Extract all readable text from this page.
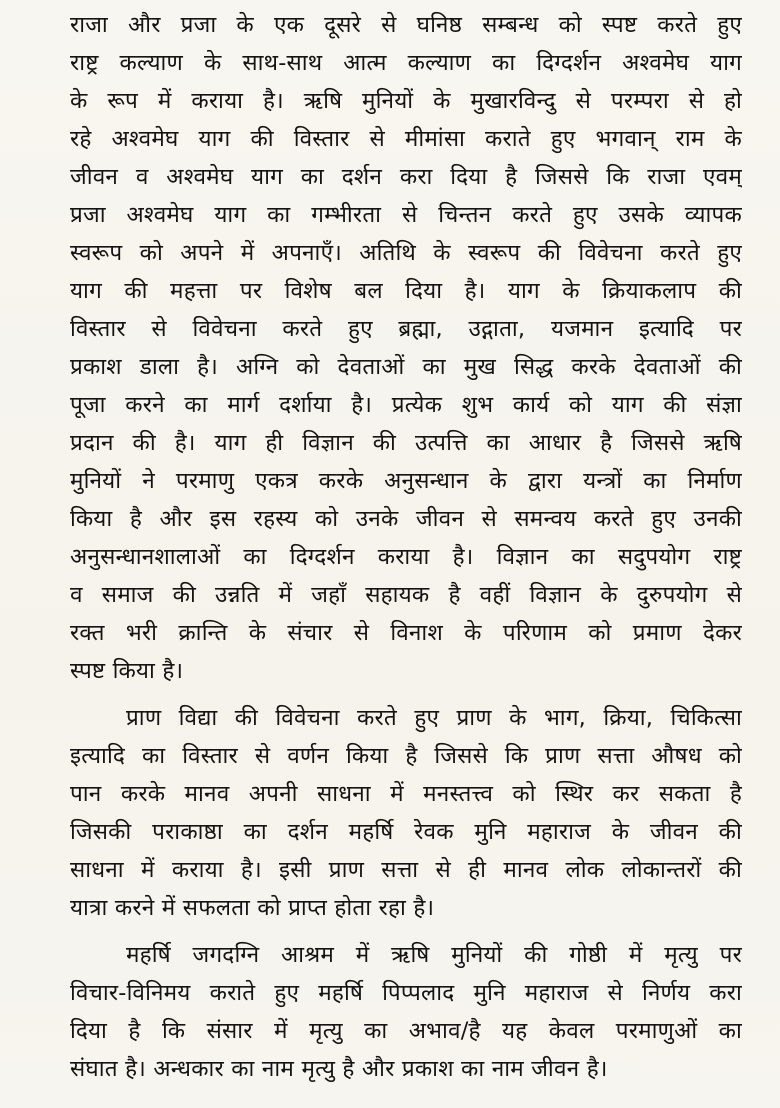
राजा और प्रजा के एक दूसरे से घनिष्ठ सम्बन्ध को स्पष्ट करते हुए
राष्ट्र कल्याण के साथ-साथ आत्म कल्याण का दिग्दर्शन अश्वमेघ याग
के रूप में कराया है। ऋषि मुनियों के मुखारविन्दु से परम्परा से हो
रहे अश्वमेघ याग की विस्तार से मीमांसा कराते हुए भगवान् राम के
जीवन व अश्वमेघ याग का दर्शन करा दिया है जिससे कि राजा एवम्
प्रजा अश्वमेघ याग का गम्भीरता से चिन्तन करते हुए उसके व्यापक
स्वरूप को अपने में अपनाएँ। अतिथि के स्वरूप की विवेचना करते हुए
याग की महत्ता पर विशेष बल दिया है। याग के क्रियाकलाप की
विस्तार से विवेचना करते हुए ब्रह्मा, उद्गाता, यजमान इत्यादि पर
प्रकाश डाला है। अग्नि को देवताओं का मुख सिद्ध करके देवताओं की
पूजा करने का मार्ग दर्शाया है। प्रत्येक शुभ कार्य को याग की संज्ञा
प्रदान की है। याग ही विज्ञान की उत्पत्ति का आधार है जिससे ऋषि
मुनियों ने परमाणु एकत्र करके अनुसन्धान के द्वारा यन्त्रों का निर्माण
किया है और इस रहस्य को उनके जीवन से समन्वय करते हुए उनकी
अनुसन्धानशालाओं का दिग्दर्शन कराया है। विज्ञान का सदुपयोग राष्ट्र
व समाज की उन्नति में जहाँ सहायक है वहीं विज्ञान के दुरुपयोग से
रक्त भरी क्रान्ति के संचार से विनाश के परिणाम को प्रमाण देकर
स्पष्ट किया है।
प्राण विद्या की विवेचना करते हुए प्राण के भाग, क्रिया, चिकित्सा
इत्यादि का विस्तार से वर्णन किया है जिससे कि प्राण सत्ता औषध को
पान करके मानव अपनी साधना में मनस्तत्त्व को स्थिर कर सकता है
जिसकी पराकाष्ठा का दर्शन महर्षि रेवक मुनि महाराज के जीवन की
साधना में कराया है। इसी प्राण सत्ता से ही मानव लोक लोकान्तरों की
यात्रा करने में सफलता को प्राप्त होता रहा है।
महर्षि जगदग्नि आश्रम में ऋषि मुनियों की गोष्ठी में मृत्यु पर
विचार-विनिमय कराते हुए महर्षि पिप्पलाद मुनि महाराज से निर्णय करा
दिया है कि संसार में मृत्यु का अभाव/है यह केवल परमाणुओं का
संघात है। अन्धकार का नाम मृत्यु है और प्रकाश का नाम जीवन है।
